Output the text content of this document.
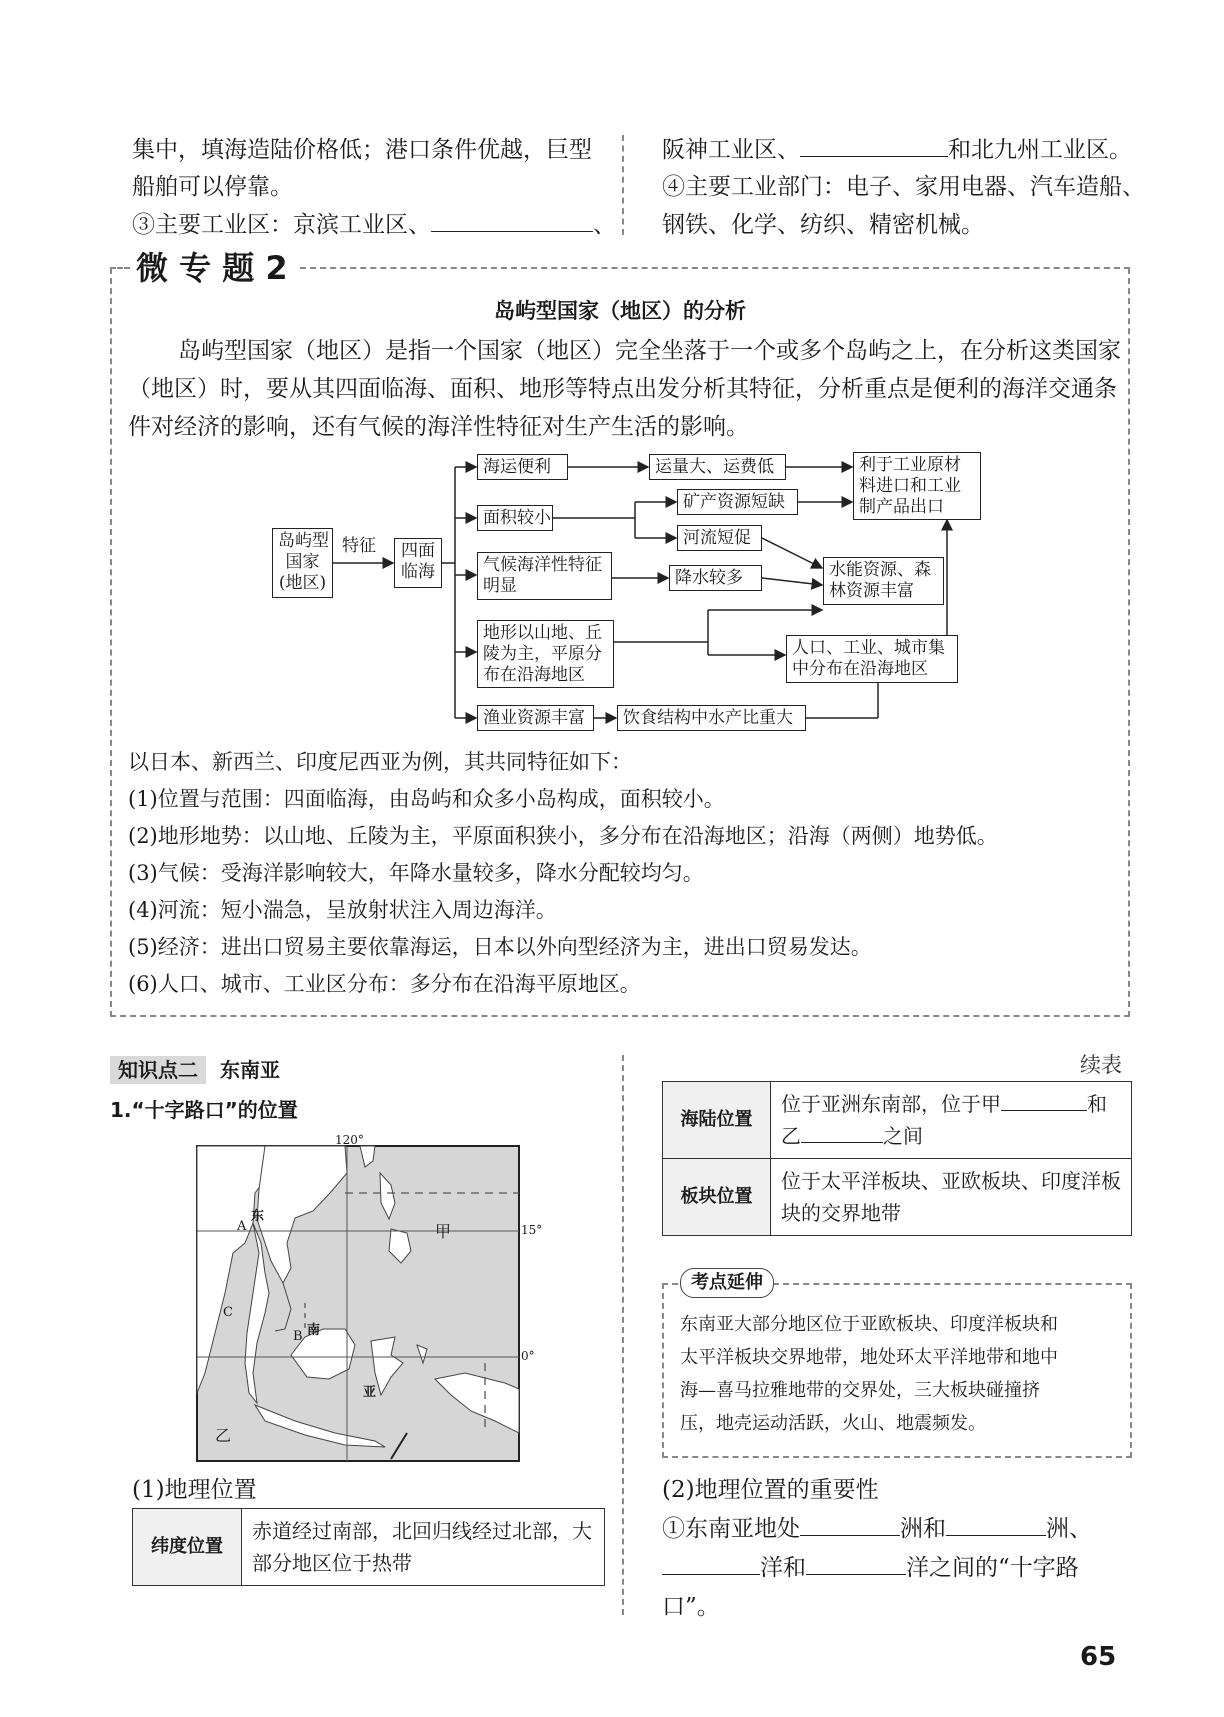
集中，填海造陆价格低；港口条件优越，巨型
船舶可以停靠。
③主要工业区：京滨工业区、	、
阪神工业区、	和北九州工业区。
④主要工业部门：电子、家用电器、汽车造船、
钢铁、化学、纺织、精密机械。
微 专 题 2
岛屿型国家（地区）的分析
岛屿型国家（地区）是指一个国家（地区）完全坐落于一个或多个岛屿之上，在分析这类国家
（地区）时，要从其四面临海、面积、地形等特点出发分析其特征，分析重点是便利的海洋交通条
件对经济的影响，还有气候的海洋性特征对生产生活的影响。
岛屿型
国家
(地区)
特征 四面
临海
海运便利
面积较小
气候海洋性特征
明显
地形以山地、丘
陵为主，平原分
布在沿海地区
渔业资源丰富
运量大、运费低
矿产资源短缺
河流短促
降水较多
饮食结构中水产比重大
利于工业原材
料进口和工业
制产品出口
水能资源、森
林资源丰富
人口、工业、城市集
中分布在沿海地区
以日本、新西兰、印度尼西亚为例，其共同特征如下：
(1)位置与范围：四面临海，由岛屿和众多小岛构成，面积较小。
(2)地形地势：以山地、丘陵为主，平原面积狭小，多分布在沿海地区；沿海（两侧）地势低。
(3)气候：受海洋影响较大，年降水量较多，降水分配较均匀。
(4)河流：短小湍急，呈放射状注入周边海洋。
(5)经济：进出口贸易主要依靠海运，日本以外向型经济为主，进出口贸易发达。
(6)人口、城市、工业区分布：多分布在沿海平原地区。
知识点二 东南亚
1.“十字路口”的位置
120°
15°
0°
甲
乙
A
东
C
B 南
亚
(1)地理位置
纬度位置	
赤道经过南部，北回归线经过北部，大
部分地区位于热带
续表
海陆位置	位于亚洲东南部，位于甲 和
乙 之间

板块位置	位于太平洋板块、亚欧板块、印度洋板
块的交界地带
考点延伸
东南亚大部分地区位于亚欧板块、印度洋板块和
太平洋板块交界地带，地处环太平洋地带和地中
海—喜马拉雅地带的交界处，三大板块碰撞挤
压，地壳运动活跃，火山、地震频发。
(2)地理位置的重要性
①东南亚地处	洲和	洲、
洋和	洋之间的“十字路
口”。
65
